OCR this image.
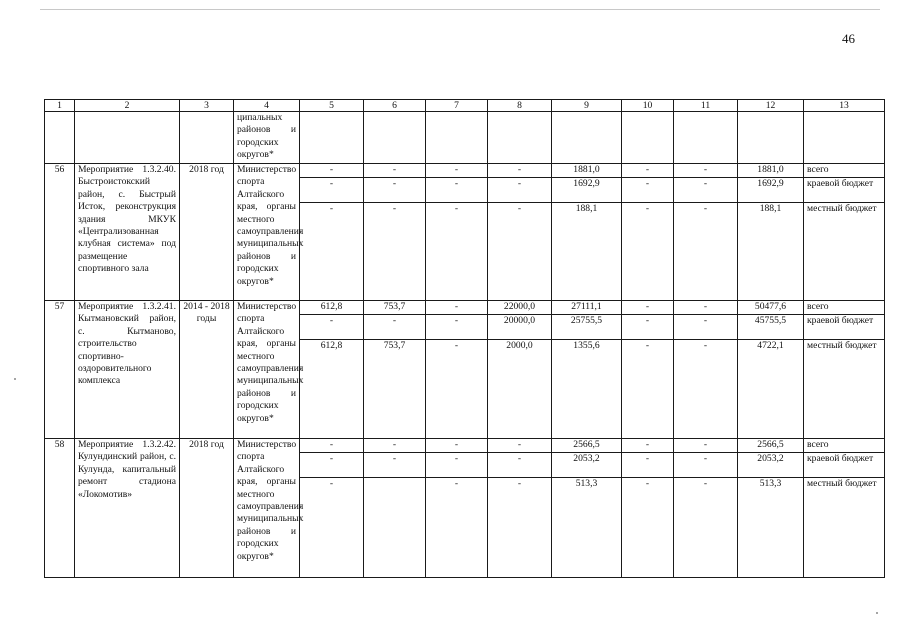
46
1	2	3	4	5	6	7	8	9	10	11	12	13
			ципальных районов и городских округов*									
56	Мероприятие 1.3.2.40. Быстроистокский район, с. Быстрый Исток, реконструкция здания МКУК «Централизованная клубная система» под размещение спортивного зала	2018 год	Министерство спорта Алтайского края, органы местного самоуправления муниципальных районов и городских округов*	-	-	-	-	1881,0	-	-	1881,0	всего
				-	-	-	-	1692,9	-	-	1692,9	краевой бюджет
				-	-	-	-	188,1	-	-	188,1	местный бюджет
57	Мероприятие 1.3.2.41. Кытмановский район, с. Кытманово, строительство спортивно-оздоровительного комплекса	2014 - 2018 годы	Министерство спорта Алтайского края, органы местного самоуправления муниципальных районов и городских округов*	612,8	753,7	-	22000,0	27111,1	-	-	50477,6	всего
				-	-	-	20000,0	25755,5	-	-	45755,5	краевой бюджет
				612,8	753,7	-	2000,0	1355,6	-	-	4722,1	местный бюджет
58	Мероприятие 1.3.2.42. Кулундинский район, с. Кулунда, капитальный ремонт стадиона «Локомотив»	2018 год	Министерство спорта Алтайского края, органы местного самоуправления муниципальных районов и городских округов*	-	-	-	-	2566,5	-	-	2566,5	всего
				-	-	-	-	2053,2	-	-	2053,2	краевой бюджет
				-		-	-	513,3	-	-	513,3	местный бюджет
